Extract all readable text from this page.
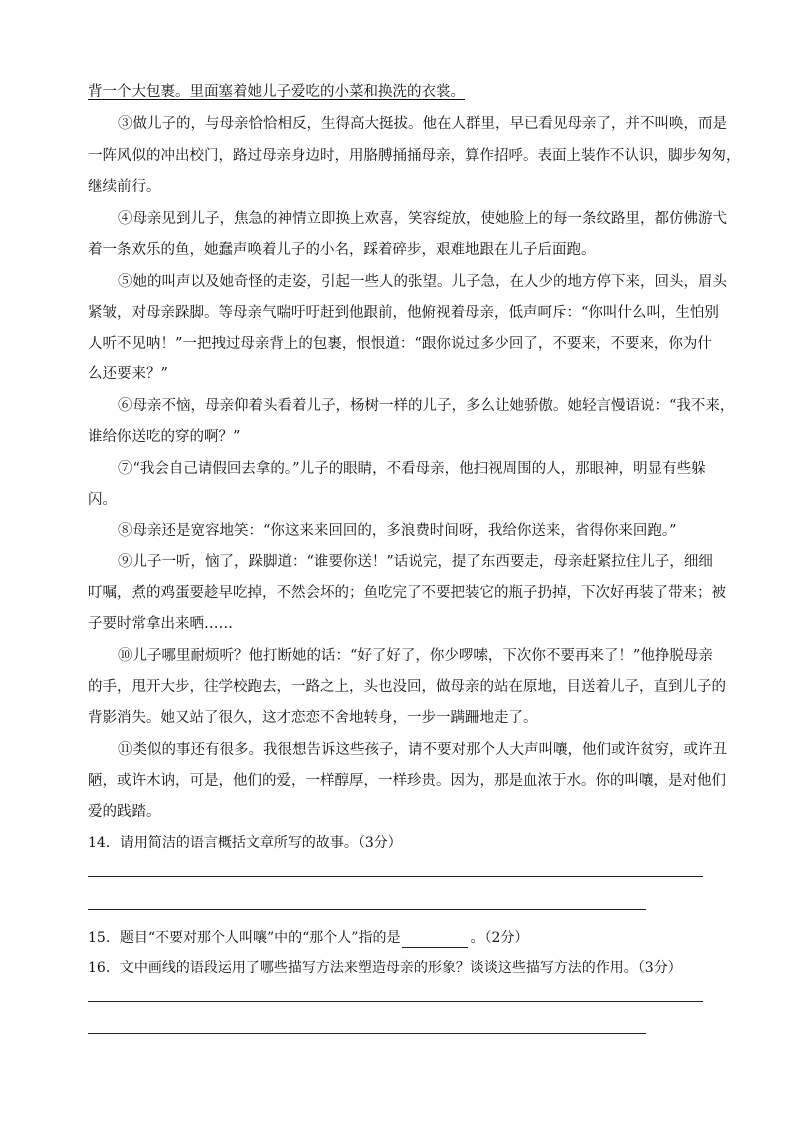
背一个大包裹。里面塞着她儿子爱吃的小菜和换洗的衣裳。
③做儿子的，与母亲恰恰相反，生得高大挺拔。他在人群里，早已看见母亲了，并不叫唤，而是
一阵风似的冲出校门，路过母亲身边时，用胳膊捅捅母亲，算作招呼。表面上装作不认识，脚步匆匆，
继续前行。
④母亲见到儿子，焦急的神情立即换上欢喜，笑容绽放，使她脸上的每一条纹路里，都仿佛游弋
着一条欢乐的鱼，她蠢声唤着儿子的小名，踩着碎步，艰难地跟在儿子后面跑。
⑤她的叫声以及她奇怪的走姿，引起一些人的张望。儿子急，在人少的地方停下来，回头，眉头
紧皱，对母亲跺脚。等母亲气喘吁吁赶到他跟前，他俯视着母亲，低声呵斥：“你叫什么叫，生怕别
人听不见呐！”一把拽过母亲背上的包裹，恨恨道：“跟你说过多少回了，不要来，不要来，你为什
么还要来？”
⑥母亲不恼，母亲仰着头看着儿子，杨树一样的儿子，多么让她骄傲。她轻言慢语说：“我不来，
谁给你送吃的穿的啊？”
⑦“我会自己请假回去拿的。”儿子的眼睛，不看母亲，他扫视周围的人，那眼神，明显有些躲
闪。
⑧母亲还是宽容地笑：“你这来来回回的，多浪费时间呀，我给你送来，省得你来回跑。”
⑨儿子一听，恼了，跺脚道：“谁要你送！”话说完，提了东西要走，母亲赶紧拉住儿子，细细
叮嘱，煮的鸡蛋要趁早吃掉，不然会坏的；鱼吃完了不要把装它的瓶子扔掉，下次好再装了带来；被
子要时常拿出来晒……
⑩儿子哪里耐烦听？他打断她的话：“好了好了，你少啰嗦，下次你不要再来了！”他挣脱母亲
的手，甩开大步，往学校跑去，一路之上，头也没回，做母亲的站在原地，目送着儿子，直到儿子的
背影消失。她又站了很久，这才恋恋不舍地转身，一步一蹒跚地走了。
⑪类似的事还有很多。我很想告诉这些孩子，请不要对那个人大声叫嚷，他们或许贫穷，或许丑
陋，或许木讷，可是，他们的爱，一样醇厚，一样珍贵。因为，那是血浓于水。你的叫嚷，是对他们
爱的践踏。
14．请用简洁的语言概括文章所写的故事。（3分）
15．题目“不要对那个人叫嚷”中的“那个人”指的是	。（2分）
16．文中画线的语段运用了哪些描写方法来塑造母亲的形象？谈谈这些描写方法的作用。（3分）
